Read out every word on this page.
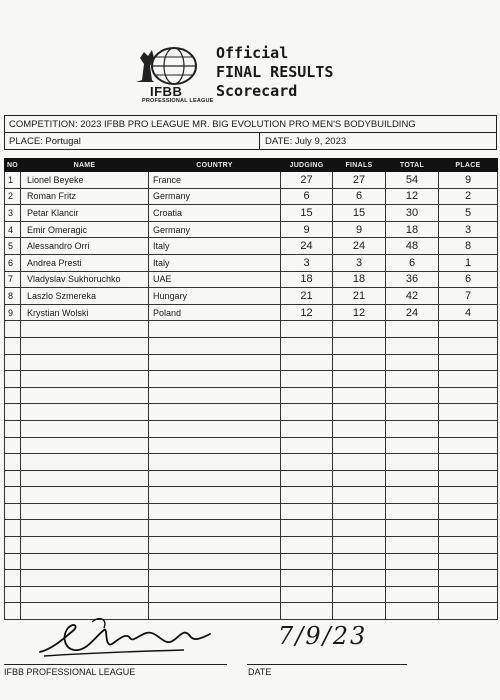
IFBB
PROFESSIONAL LEAGUE
Official
FINAL RESULTS
Scorecard
COMPETITION: 2023 IFBB PRO LEAGUE MR. BIG EVOLUTION PRO MEN'S BODYBUILDING
PLACE: Portugal	DATE: July 9, 2023
NO	NAME	COUNTRY	JUDGING	FINALS	TOTAL	PLACE
1	Lionel Beyeke	France	27	27	54	9
2	Roman Fritz	Germany	6	6	12	2
3	Petar Klancir	Croatia	15	15	30	5
4	Emir Omeragic	Germany	9	9	18	3
5	Alessandro Orri	Italy	24	24	48	8
6	Andrea Presti	Italy	3	3	6	1
7	Vladyslav Sukhoruchko	UAE	18	18	36	6
8	Laszlo Szmereka	Hungary	21	21	42	7
9	Krystian Wolski	Poland	12	12	24	4

7/9/23
IFBB PROFESSIONAL LEAGUE	DATE
